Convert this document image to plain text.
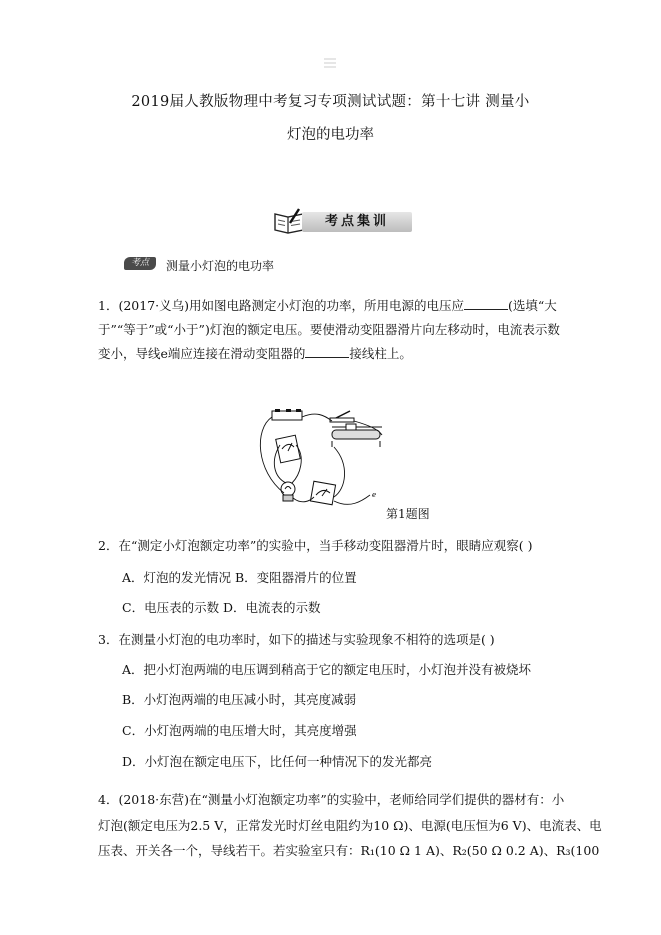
2019届人教版物理中考复习专项测试试题：第十七讲 测量小
灯泡的电功率
考点集训
考点	测量小灯泡的电功率
1．(2017·义乌)用如图电路测定小灯泡的功率，所用电源的电压应	(选填“大
于”“等于”或“小于”)灯泡的额定电压。要使滑动变阻器滑片向左移动时，电流表示数
变小，导线e端应连接在滑动变阻器的	接线柱上。
e
第1题图
2．在“测定小灯泡额定功率”的实验中，当手移动变阻器滑片时，眼睛应观察( )
A．灯泡的发光情况 B．变阻器滑片的位置
C．电压表的示数 D．电流表的示数
3．在测量小灯泡的电功率时，如下的描述与实验现象不相符的选项是( )
A．把小灯泡两端的电压调到稍高于它的额定电压时，小灯泡并没有被烧坏
B．小灯泡两端的电压减小时，其亮度减弱
C．小灯泡两端的电压增大时，其亮度增强
D．小灯泡在额定电压下，比任何一种情况下的发光都亮
4．(2018·东营)在“测量小灯泡额定功率”的实验中，老师给同学们提供的器材有：小
灯泡(额定电压为2.5 V，正常发光时灯丝电阻约为10 Ω)、电源(电压恒为6 V)、电流表、电
压表、开关各一个，导线若干。若实验室只有：R₁(10 Ω 1 A)、R₂(50 Ω 0.2 A)、R₃(100
